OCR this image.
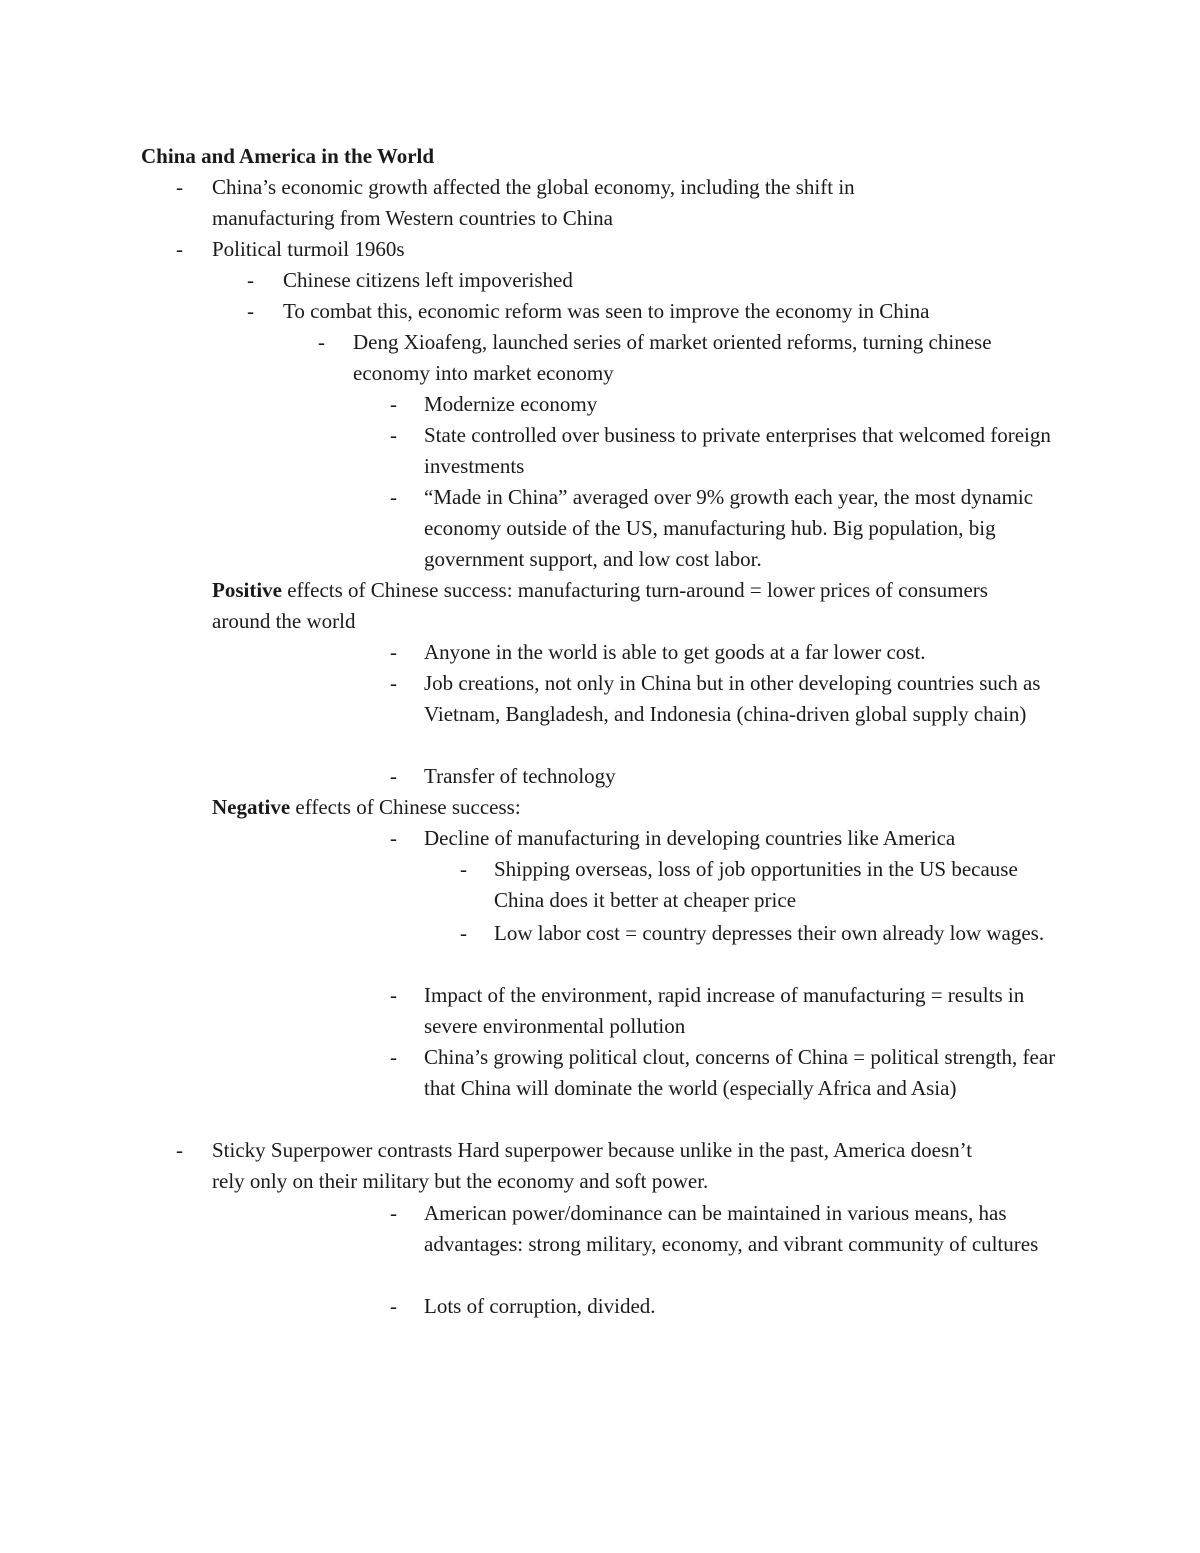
China and America in the World
- China’s economic growth affected the global economy, including the shift in manufacturing from Western countries to China
- Political turmoil 1960s
- Chinese citizens left impoverished
- To combat this, economic reform was seen to improve the economy in China
- Deng Xioafeng, launched series of market oriented reforms, turning chinese economy into market economy
- Modernize economy
- State controlled over business to private enterprises that welcomed foreign investments
- “Made in China” averaged over 9% growth each year, the most dynamic economy outside of the US, manufacturing hub. Big population, big government support, and low cost labor.
Positive effects of Chinese success: manufacturing turn-around = lower prices of consumers around the world
- Anyone in the world is able to get goods at a far lower cost.
- Job creations, not only in China but in other developing countries such as Vietnam, Bangladesh, and Indonesia (china-driven global supply chain)
- Transfer of technology
Negative effects of Chinese success:
- Decline of manufacturing in developing countries like America
- Shipping overseas, loss of job opportunities in the US because China does it better at cheaper price
- Low labor cost = country depresses their own already low wages.
- Impact of the environment, rapid increase of manufacturing = results in severe environmental pollution
- China’s growing political clout, concerns of China = political strength, fear that China will dominate the world (especially Africa and Asia)
- Sticky Superpower contrasts Hard superpower because unlike in the past, America doesn’t rely only on their military but the economy and soft power.
- American power/dominance can be maintained in various means, has advantages: strong military, economy, and vibrant community of cultures
- Lots of corruption, divided.
